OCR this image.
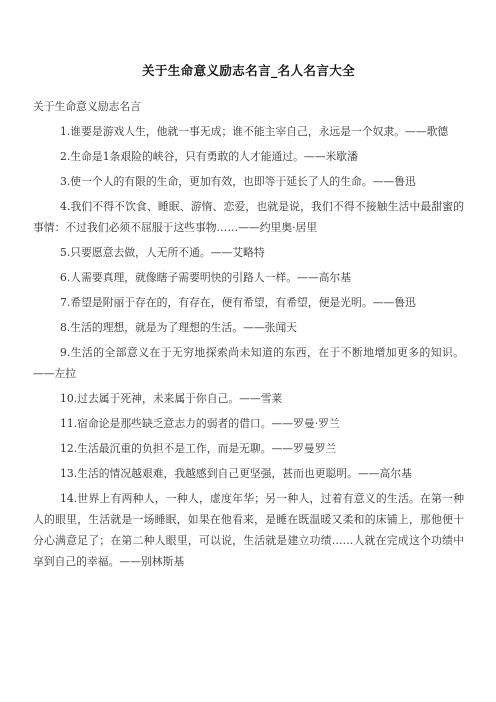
关于生命意义励志名言_名人名言大全
关于生命意义励志名言
1.谁要是游戏人生，他就一事无成；谁不能主宰自己，永远是一个奴隶。——歌德
2.生命是1条艰险的峡谷，只有勇敢的人才能通过。——米歇潘
3.使一个人的有限的生命，更加有效，也即等于延长了人的生命。——鲁迅
4.我们不得不饮食、睡眠、游惰、恋爱，也就是说，我们不得不接触生活中最甜蜜的事情：不过我们必须不屈服于这些事物……——约里奥·居里
5.只要愿意去做，人无所不通。——艾略特
6.人需要真理，就像瞎子需要明快的引路人一样。——高尔基
7.希望是附丽于存在的，有存在，便有希望，有希望，便是光明。——鲁迅
8.生活的理想，就是为了理想的生活。——张闻天
9.生活的全部意义在于无穷地探索尚未知道的东西，在于不断地增加更多的知识。——左拉
10.过去属于死神，未来属于你自己。——雪莱
11.宿命论是那些缺乏意志力的弱者的借口。——罗曼·罗兰
12.生活最沉重的负担不是工作，而是无聊。——罗曼罗兰
13.生活的情况越艰难，我越感到自己更坚强，甚而也更聪明。——高尔基
14.世界上有两种人，一种人，虚度年华；另一种人，过着有意义的生活。在第一种人的眼里，生活就是一场睡眠，如果在他看来，是睡在既温暖又柔和的床铺上，那他便十分心满意足了；在第二种人眼里，可以说，生活就是建立功绩……人就在完成这个功绩中享到自己的幸福。——别林斯基
